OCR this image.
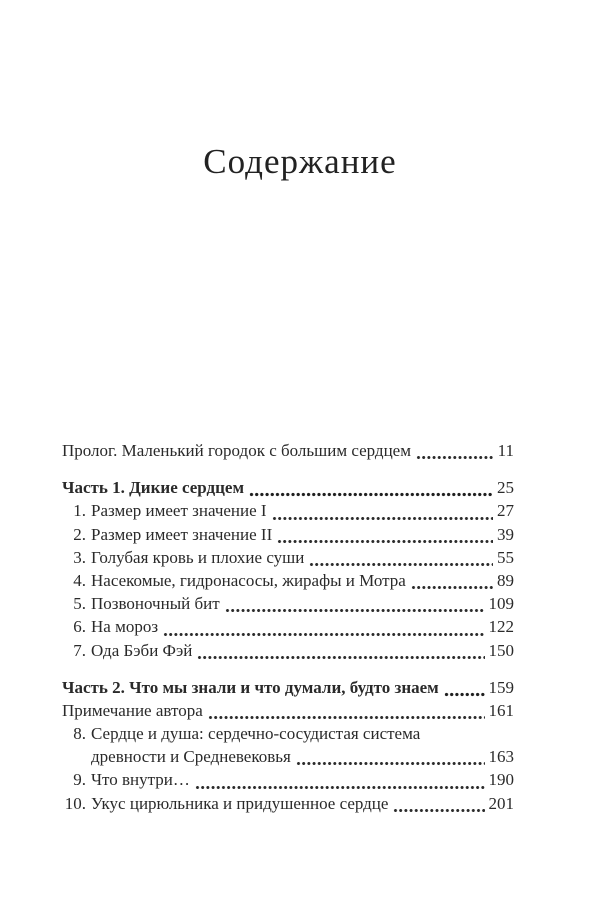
Содержание
Пролог. Маленький городок с большим сердцем	11
Часть 1. Дикие сердцем	25
1. Размер имеет значение I	27
2. Размер имеет значение II	39
3. Голубая кровь и плохие суши	55
4. Насекомые, гидронасосы, жирафы и Мотра	89
5. Позвоночный бит	109
6. На мороз	122
7. Ода Бэби Фэй	150
Часть 2. Что мы знали и что думали, будто знаем	159
Примечание автора	161
8. Сердце и душа: сердечно-сосудистая система
древности и Средневековья	163
9. Что внутри…	190
10. Укус цирюльника и придушенное сердце	201
